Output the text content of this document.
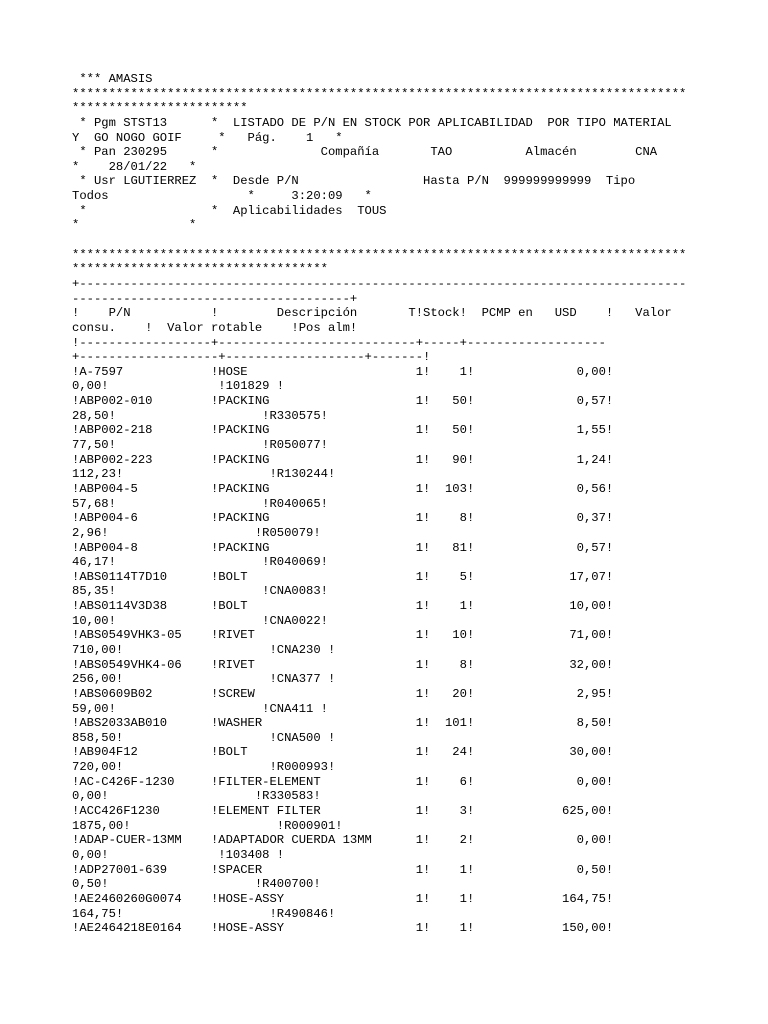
*** AMASIS
************************************************************************************
************************
* Pgm STST13      *  LISTADO DE P/N EN STOCK POR APLICABILIDAD  POR TIPO MATERIAL
Y  GO NOGO GOIF     *   Pág.    1   *
* Pan 230295      *              Compañía       TAO          Almacén        CNA
*    28/01/22   *
* Usr LGUTIERREZ  *  Desde P/N                 Hasta P/N  999999999999  Tipo
Todos                   *     3:20:09   *
*                 *  Aplicabilidades  TOUS
*               *
************************************************************************************
***********************************
+-----------------------------------------------------------------------------------
--------------------------------------+
!    P/N           !        Descripción       T!Stock!  PCMP en   USD    !   Valor
consu.    !  Valor rotable    !Pos alm!
!------------------+---------------------------+-----+-------------------
+-------------------+-------------------+-------!
!A-7597            !HOSE                       1!    1!              0,00!
0,00!               !101829 !
!ABP002-010        !PACKING                    1!   50!              0,57!
28,50!                    !R330575!
!ABP002-218        !PACKING                    1!   50!              1,55!
77,50!                    !R050077!
!ABP002-223        !PACKING                    1!   90!              1,24!
112,23!                    !R130244!
!ABP004-5          !PACKING                    1!  103!              0,56!
57,68!                    !R040065!
!ABP004-6          !PACKING                    1!    8!              0,37!
2,96!                    !R050079!
!ABP004-8          !PACKING                    1!   81!              0,57!
46,17!                    !R040069!
!ABS0114T7D10      !BOLT                       1!    5!             17,07!
85,35!                    !CNA0083!
!ABS0114V3D38      !BOLT                       1!    1!             10,00!
10,00!                    !CNA0022!
!ABS0549VHK3-05    !RIVET                      1!   10!             71,00!
710,00!                    !CNA230 !
!ABS0549VHK4-06    !RIVET                      1!    8!             32,00!
256,00!                    !CNA377 !
!ABS0609B02        !SCREW                      1!   20!              2,95!
59,00!                    !CNA411 !
!ABS2033AB010      !WASHER                     1!  101!              8,50!
858,50!                    !CNA500 !
!AB904F12          !BOLT                       1!   24!             30,00!
720,00!                    !R000993!
!AC-C426F-1230     !FILTER-ELEMENT             1!    6!              0,00!
0,00!                    !R330583!
!ACC426F1230       !ELEMENT FILTER             1!    3!            625,00!
1875,00!                    !R000901!
!ADAP-CUER-13MM    !ADAPTADOR CUERDA 13MM      1!    2!              0,00!
0,00!               !103408 !
!ADP27001-639      !SPACER                     1!    1!              0,50!
0,50!                    !R400700!
!AE2460260G0074    !HOSE-ASSY                  1!    1!            164,75!
164,75!                    !R490846!
!AE2464218E0164    !HOSE-ASSY                  1!    1!            150,00!
